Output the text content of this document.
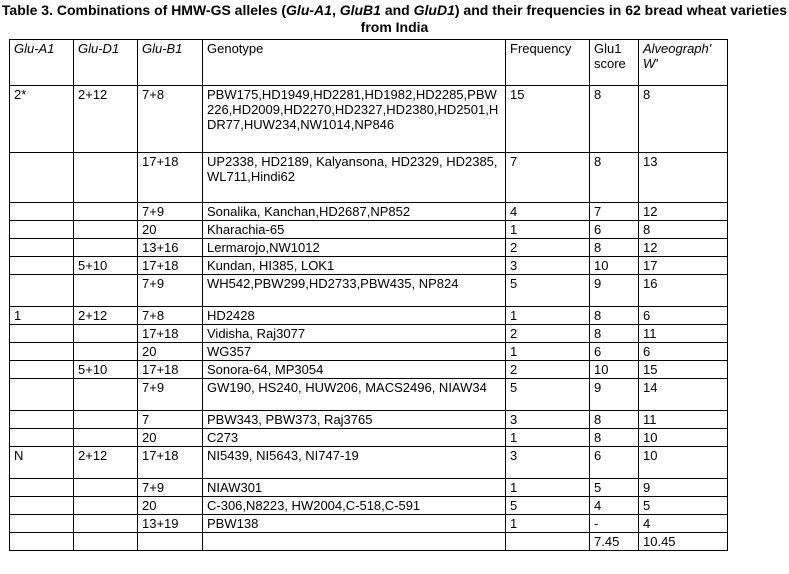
Table 3. Combinations of HMW-GS alleles (Glu-A1, GluB1 and GluD1) and their frequencies in 62 bread wheat varieties from India
Glu-A1	Glu-D1	Glu-B1	Genotype	Frequency	Glu1 score	Alveograph' W'
2*	2+12	7+8	PBW175,HD1949,HD2281,HD1982,HD2285,PBW226,HD2009,HD2270,HD2327,HD2380,HD2501,HDR77,HUW234,NW1014,NP846	15	8	8
		17+18	UP2338, HD2189, Kalyansona, HD2329, HD2385,WL711,Hindi62	7	8	13
		7+9	Sonalika, Kanchan,HD2687,NP852	4	7	12
		20	Kharachia-65	1	6	8
		13+16	Lermarojo,NW1012	2	8	12
	5+10	17+18	Kundan, HI385, LOK1	3	10	17
		7+9	WH542,PBW299,HD2733,PBW435, NP824	5	9	16
1	2+12	7+8	HD2428	1	8	6
		17+18	Vidisha, Raj3077	2	8	11
		20	WG357	1	6	6
	5+10	17+18	Sonora-64, MP3054	2	10	15
		7+9	GW190, HS240, HUW206, MACS2496, NIAW34	5	9	14
		7	PBW343, PBW373, Raj3765	3	8	11
		20	C273	1	8	10
N	2+12	17+18	NI5439, NI5643, NI747-19	3	6	10
		7+9	NIAW301	1	5	9
		20	C-306,N8223, HW2004,C-518,C-591	5	4	5
		13+19	PBW138	1	-	4
					7.45	10.45
